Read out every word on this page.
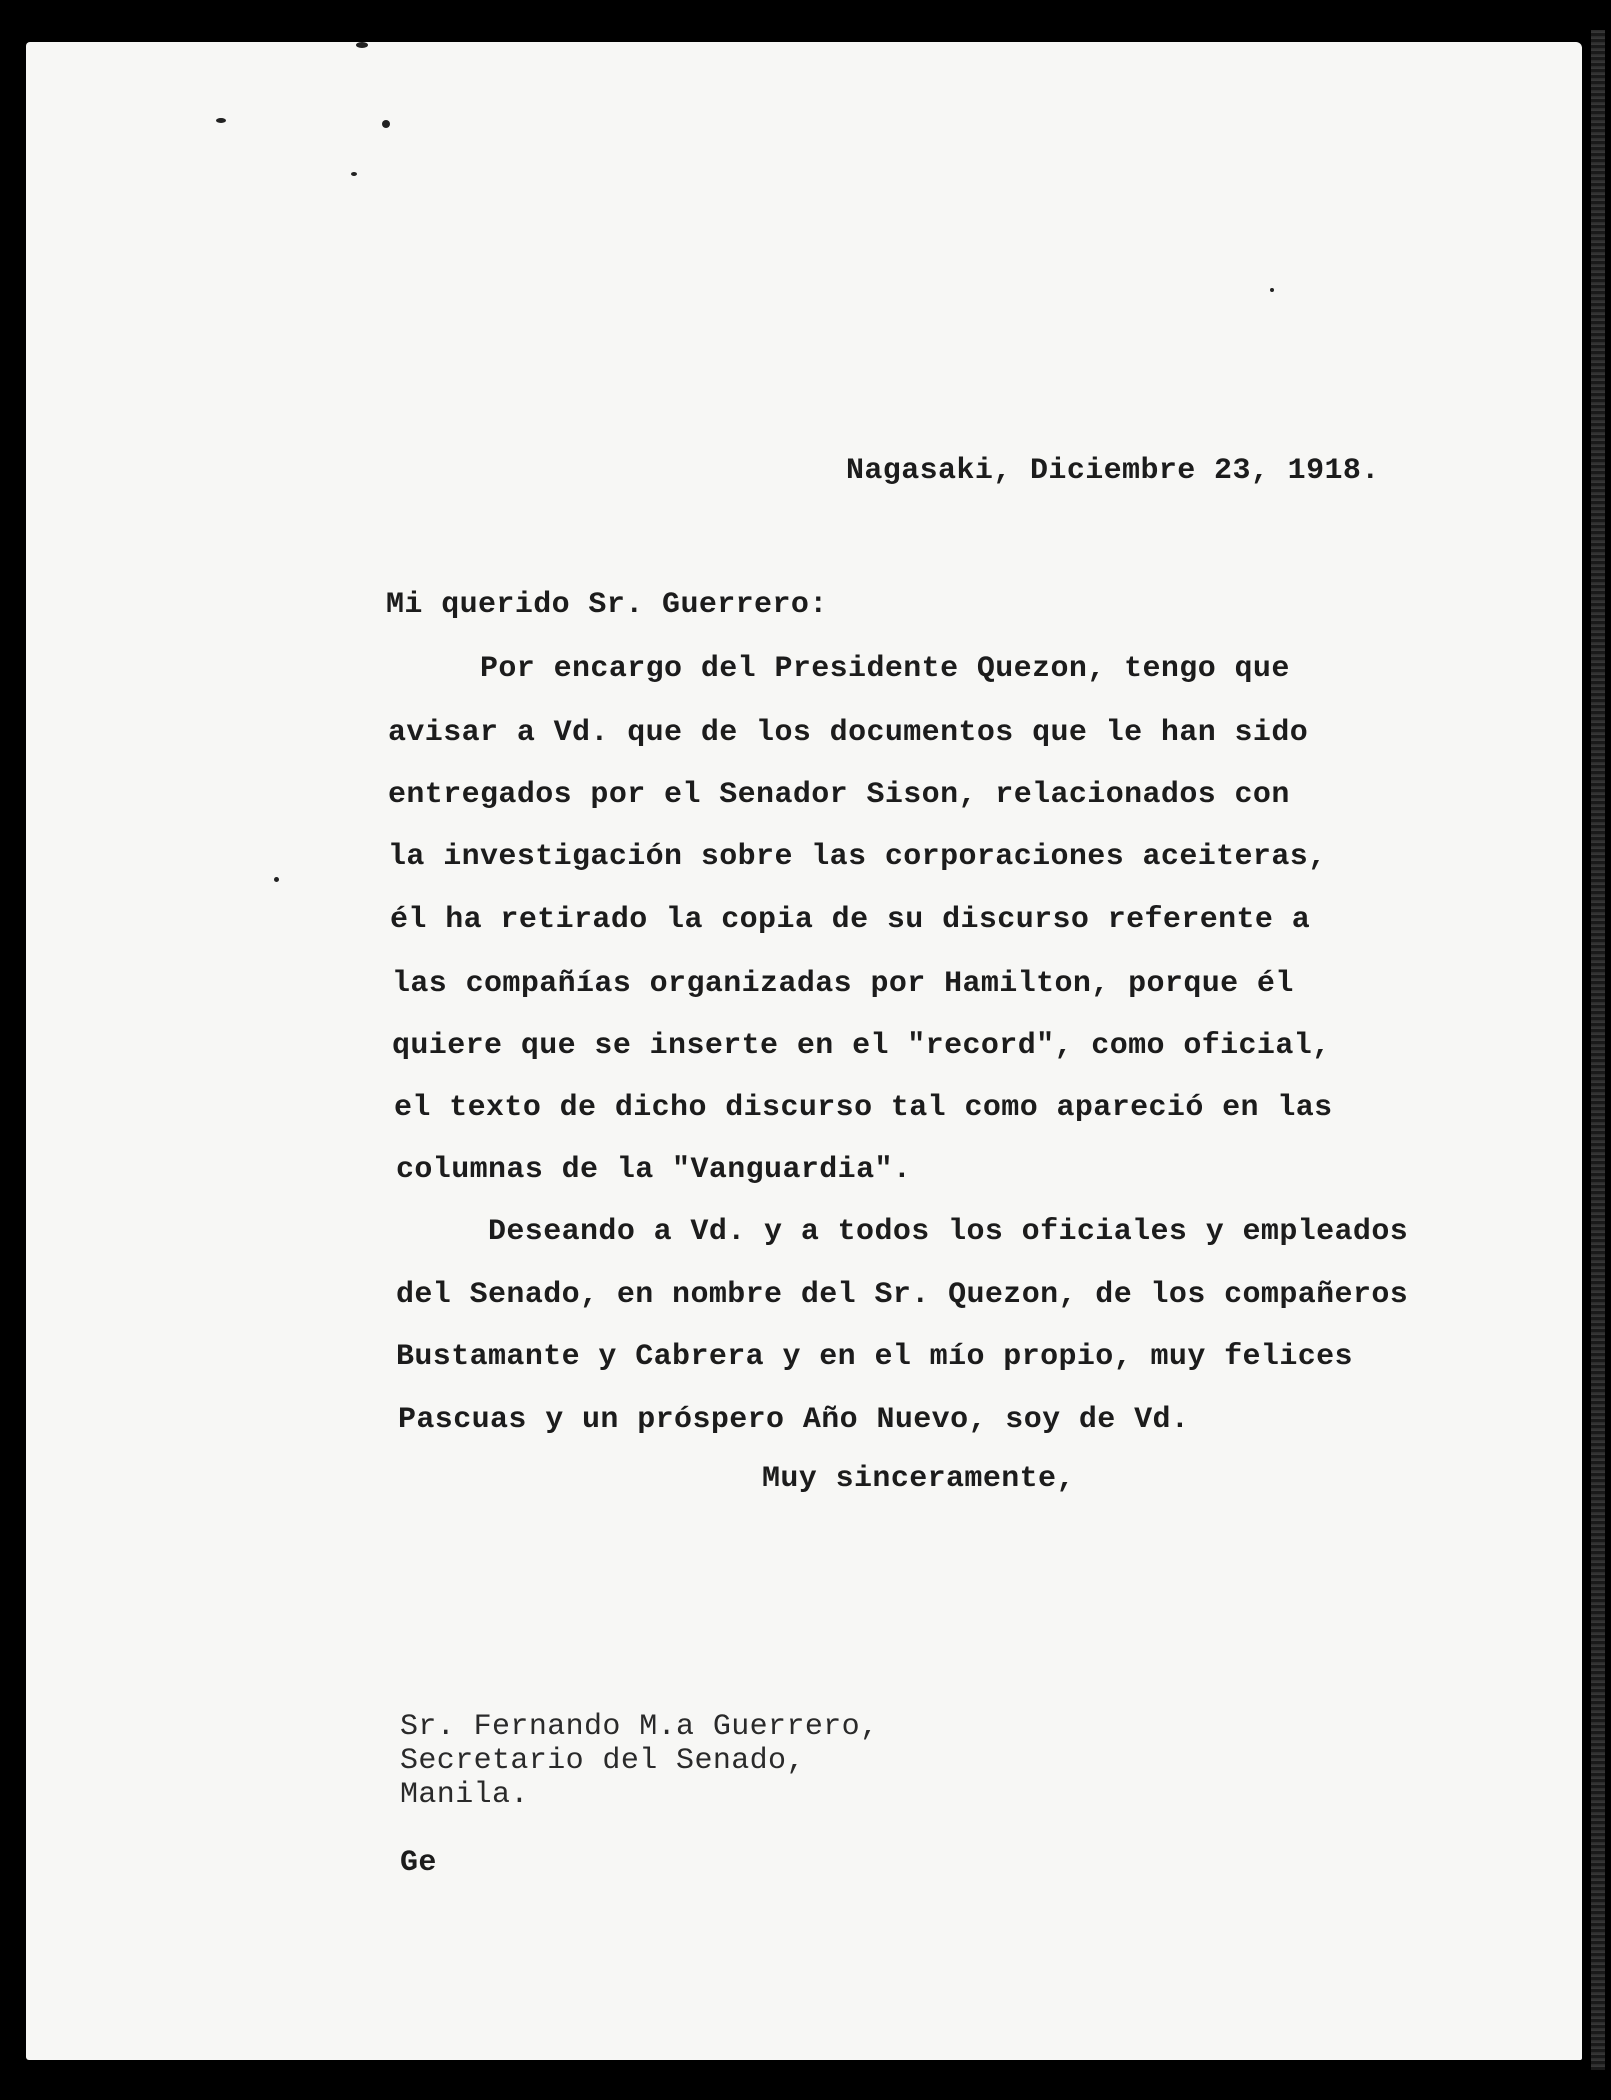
Nagasaki, Diciembre 23, 1918.
Mi querido Sr. Guerrero:
Por encargo del Presidente Quezon, tengo que
avisar a Vd. que de los documentos que le han sido
entregados por el Senador Sison, relacionados con
la investigación sobre las corporaciones aceiteras,
él ha retirado la copia de su discurso referente a
las compañías organizadas por Hamilton, porque él
quiere que se inserte en el "record", como oficial,
el texto de dicho discurso tal como apareció en las
columnas de la "Vanguardia".
Deseando a Vd. y a todos los oficiales y empleados
del Senado, en nombre del Sr. Quezon, de los compañeros
Bustamante y Cabrera y en el mío propio, muy felices
Pascuas y un próspero Año Nuevo, soy de Vd.
Muy sinceramente,
Sr. Fernando M.a Guerrero,
Secretario del Senado,
Manila.
Ge
